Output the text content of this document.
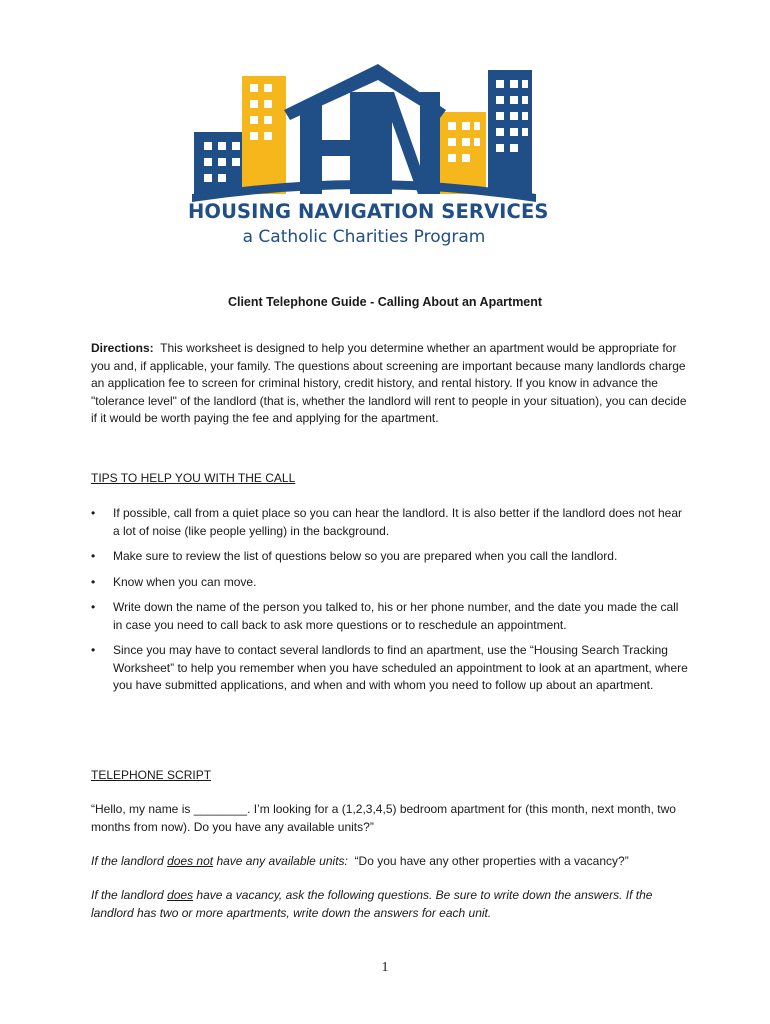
HOUSING NAVIGATION SERVICES
a Catholic Charities Program
Client Telephone Guide - Calling About an Apartment
Directions: This worksheet is designed to help you determine whether an apartment would be appropriate for you and, if applicable, your family. The questions about screening are important because many landlords charge an application fee to screen for criminal history, credit history, and rental history. If you know in advance the "tolerance level" of the landlord (that is, whether the landlord will rent to people in your situation), you can decide if it would be worth paying the fee and applying for the apartment.
TIPS TO HELP YOU WITH THE CALL
• If possible, call from a quiet place so you can hear the landlord. It is also better if the landlord does not hear a lot of noise (like people yelling) in the background.
• Make sure to review the list of questions below so you are prepared when you call the landlord.
• Know when you can move.
• Write down the name of the person you talked to, his or her phone number, and the date you made the call in case you need to call back to ask more questions or to reschedule an appointment.
• Since you may have to contact several landlords to find an apartment, use the “Housing Search Tracking Worksheet” to help you remember when you have scheduled an appointment to look at an apartment, where you have submitted applications, and when and with whom you need to follow up about an apartment.
TELEPHONE SCRIPT
“Hello, my name is ________. I’m looking for a (1,2,3,4,5) bedroom apartment for (this month, next month, two months from now). Do you have any available units?”
If the landlord does not have any available units: “Do you have any other properties with a vacancy?”
If the landlord does have a vacancy, ask the following questions. Be sure to write down the answers. If the landlord has two or more apartments, write down the answers for each unit.
1
